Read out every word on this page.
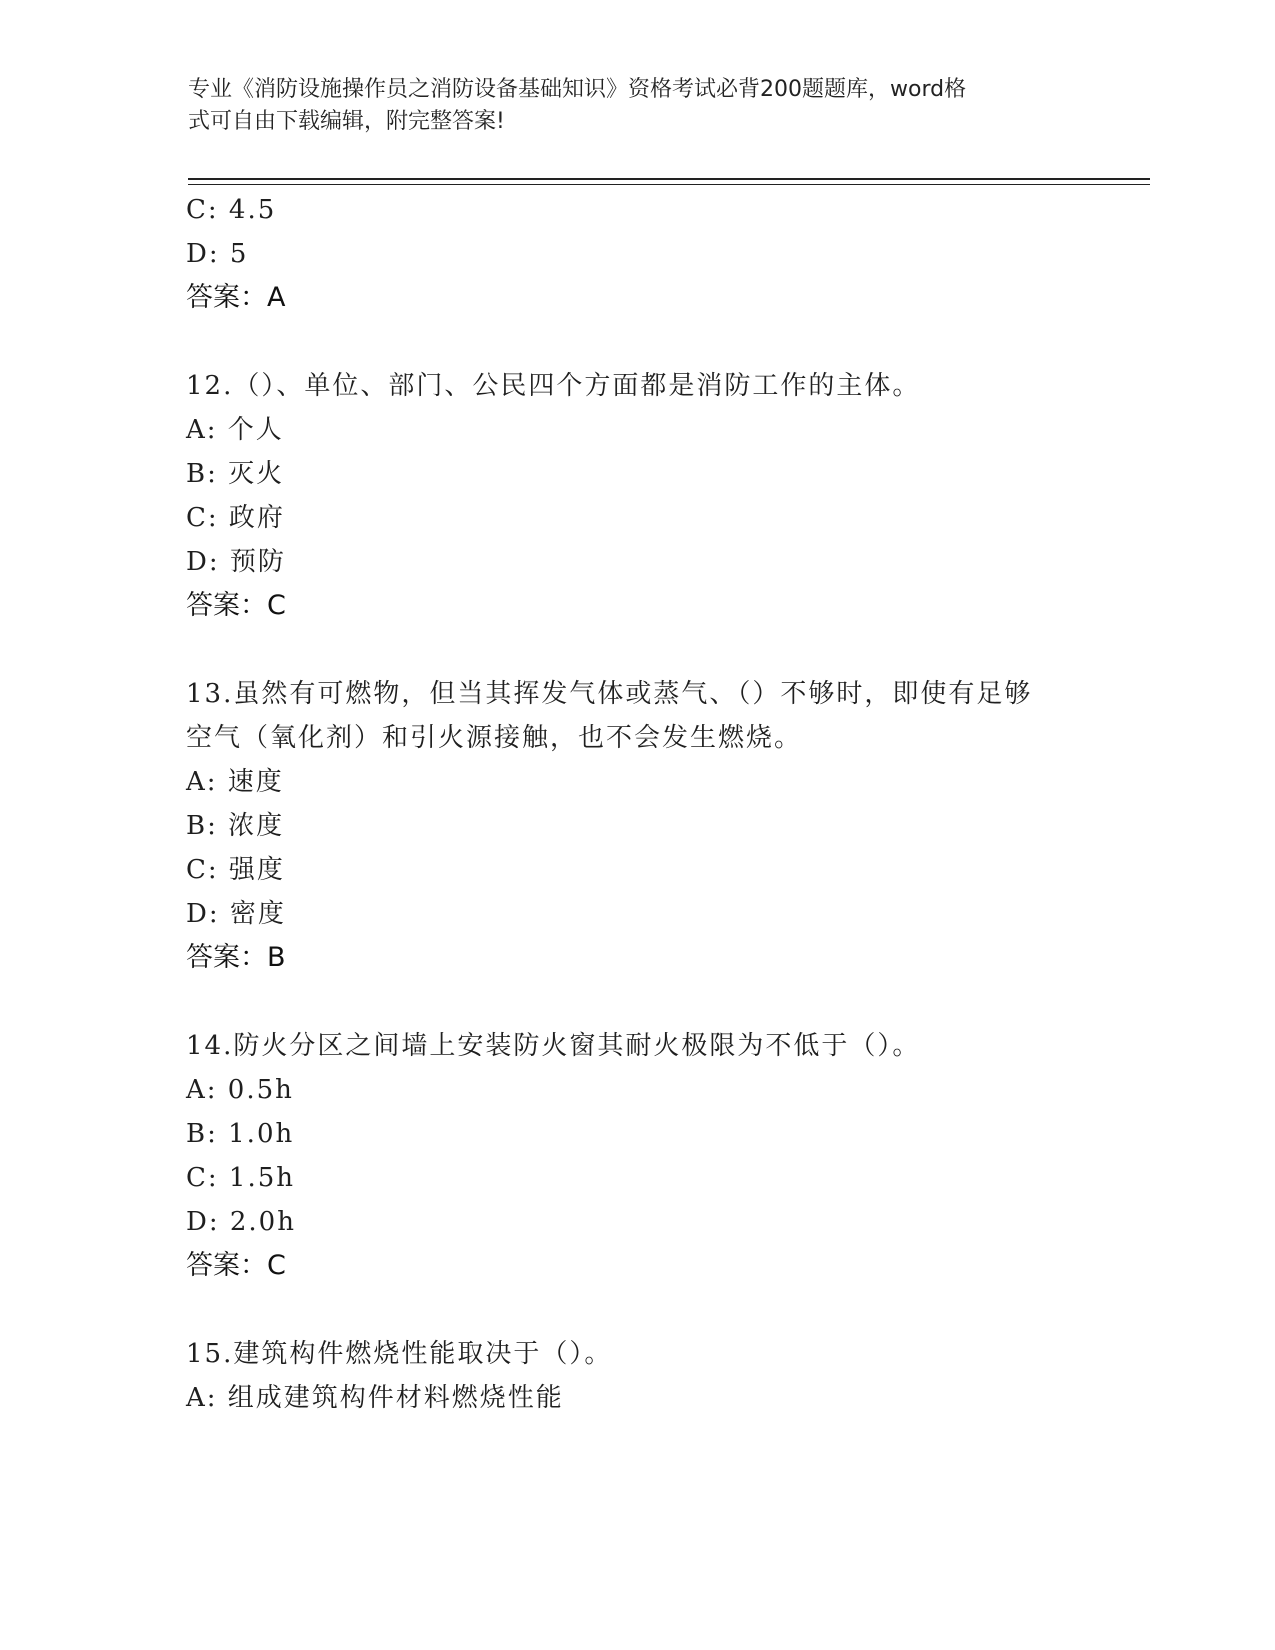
专业《消防设施操作员之消防设备基础知识》资格考试必背200题题库，word格
式可自由下载编辑，附完整答案!
C: 4.5
D: 5
答案：A
12.（）、单位、部门、公民四个方面都是消防工作的主体。
A: 个人
B: 灭火
C: 政府
D: 预防
答案：C
13.虽然有可燃物，但当其挥发气体或蒸气、（）不够时，即使有足够
空气（氧化剂）和引火源接触，也不会发生燃烧。
A: 速度
B: 浓度
C: 强度
D: 密度
答案：B
14.防火分区之间墙上安装防火窗其耐火极限为不低于（）。
A: 0.5h
B: 1.0h
C: 1.5h
D: 2.0h
答案：C
15.建筑构件燃烧性能取决于（）。
A: 组成建筑构件材料燃烧性能
